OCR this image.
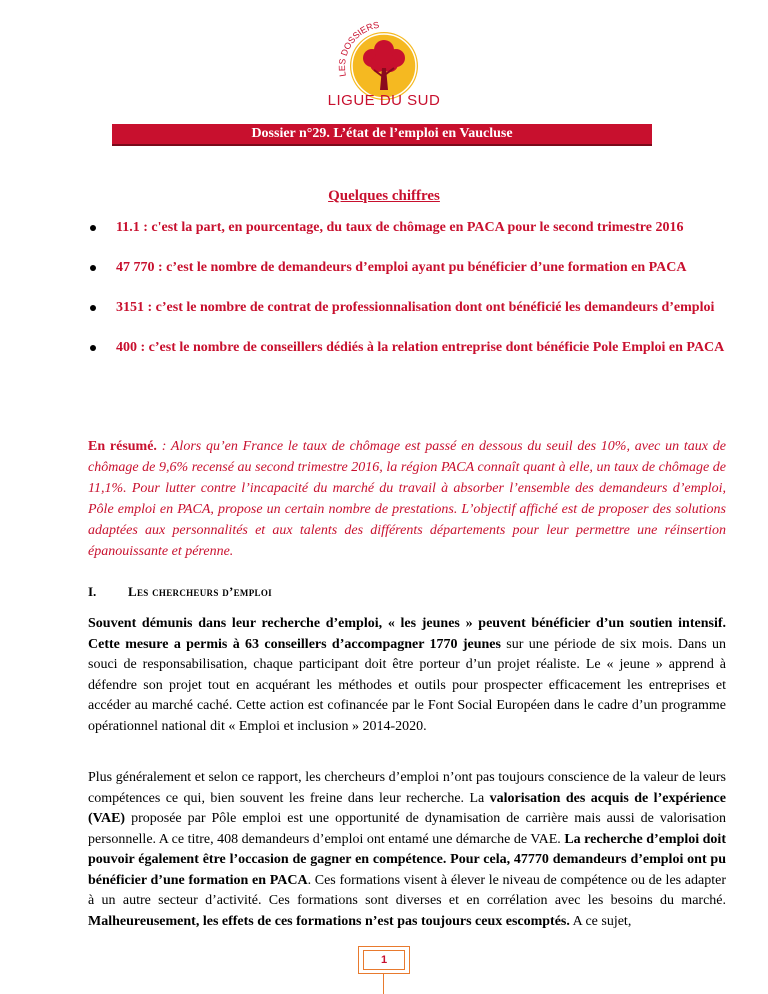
LES DOSSIERS
LIGUE DU SUD
Dossier n°29. L’état de l’emploi en Vaucluse
Quelques chiffres
11.1 : c'est la part, en pourcentage, du taux de chômage en PACA pour le second trimestre 2016
47 770 : c’est le nombre de demandeurs d’emploi ayant pu bénéficier d’une formation en PACA
3151 : c’est le nombre de contrat de professionnalisation dont ont bénéficié les demandeurs d’emploi
400 : c’est le nombre de conseillers dédiés à la relation entreprise dont bénéficie Pole Emploi en PACA
En résumé. : Alors qu’en France le taux de chômage est passé en dessous du seuil des 10%, avec un taux de chômage de 9,6% recensé au second trimestre 2016, la région PACA connaît quant à elle, un taux de chômage de 11,1%. Pour lutter contre l’incapacité du marché du travail à absorber l’ensemble des demandeurs d’emploi, Pôle emploi en PACA, propose un certain nombre de prestations. L’objectif affiché est de proposer des solutions adaptées aux personnalités et aux talents des différents départements pour leur permettre une réinsertion épanouissante et pérenne.
I. Les chercheurs d’emploi
Souvent démunis dans leur recherche d’emploi, « les jeunes » peuvent bénéficier d’un soutien intensif. Cette mesure a permis à 63 conseillers d’accompagner 1770 jeunes sur une période de six mois. Dans un souci de responsabilisation, chaque participant doit être porteur d’un projet réaliste. Le « jeune » apprend à défendre son projet tout en acquérant les méthodes et outils pour prospecter efficacement les entreprises et accéder au marché caché. Cette action est cofinancée par le Font Social Européen dans le cadre d’un programme opérationnel national dit « Emploi et inclusion » 2014-2020.
Plus généralement et selon ce rapport, les chercheurs d’emploi n’ont pas toujours conscience de la valeur de leurs compétences ce qui, bien souvent les freine dans leur recherche. La valorisation des acquis de l’expérience (VAE) proposée par Pôle emploi est une opportunité de dynamisation de carrière mais aussi de valorisation personnelle. A ce titre, 408 demandeurs d’emploi ont entamé une démarche de VAE. La recherche d’emploi doit pouvoir également être l’occasion de gagner en compétence. Pour cela, 47770 demandeurs d’emploi ont pu bénéficier d’une formation en PACA. Ces formations visent à élever le niveau de compétence ou de les adapter à un autre secteur d’activité. Ces formations sont diverses et en corrélation avec les besoins du marché. Malheureusement, les effets de ces formations n’est pas toujours ceux escomptés. A ce sujet,
1
